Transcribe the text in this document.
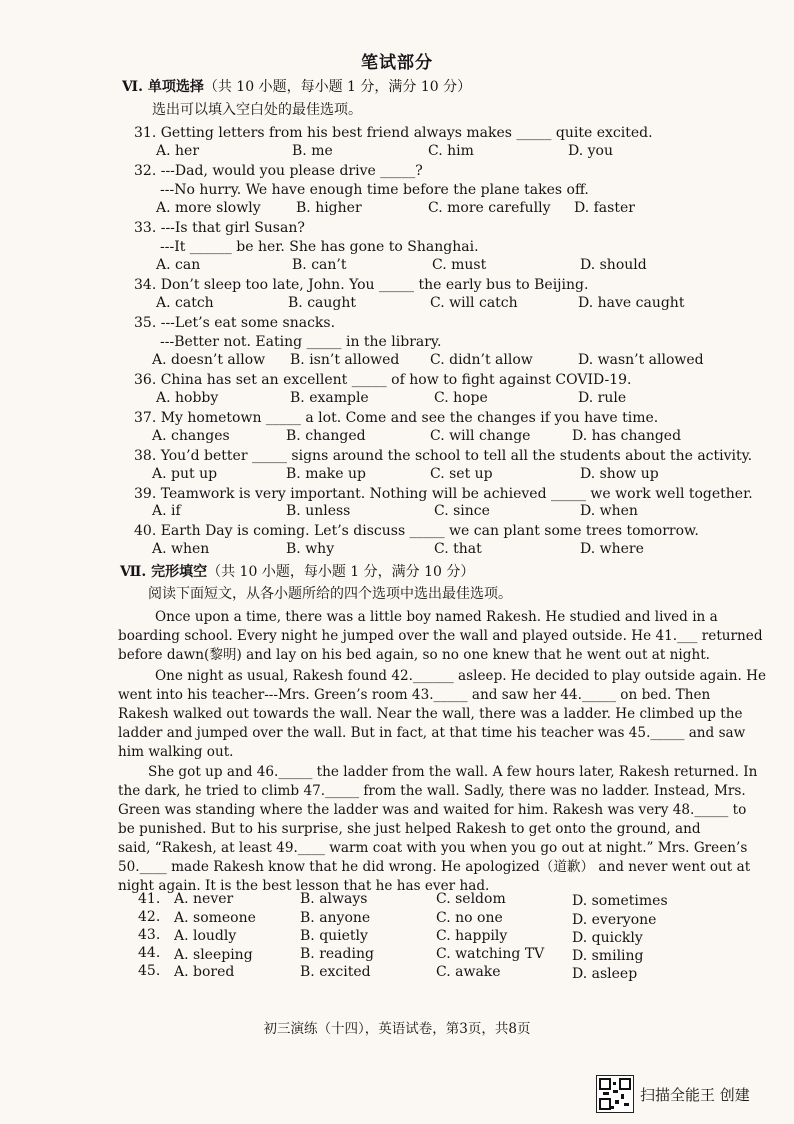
笔试部分
Ⅵ. 单项选择（共 10 小题，每小题 1 分，满分 10 分）
选出可以填入空白处的最佳选项。
31. Getting letters from his best friend always makes _____ quite excited.
A. her	B. me	C. him	D. you
32. ---Dad, would you please drive _____?
---No hurry. We have enough time before the plane takes off.
A. more slowly	B. higher	C. more carefully D. faster
33. ---Is that girl Susan?
---It ______ be her. She has gone to Shanghai.
A. can	B. can’t	C. must	D. should
34. Don’t sleep too late, John. You _____ the early bus to Beijing.
A. catch	B. caught	C. will catch	D. have caught
35. ---Let’s eat some snacks.
---Better not. Eating _____ in the library.
A. doesn’t allow B. isn’t allowed C. didn’t allow	D. wasn’t allowed
36. China has set an excellent _____ of how to fight against COVID-19.
A. hobby	B. example	C. hope	D. rule
37. My hometown _____ a lot. Come and see the changes if you have time.
A. changes	B. changed	C. will change	D. has changed
38. You’d better _____ signs around the school to tell all the students about the activity.
A. put up	B. make up	C. set up	D. show up
39. Teamwork is very important. Nothing will be achieved _____ we work well together.
A. if	B. unless	C. since	D. when
40. Earth Day is coming. Let’s discuss _____ we can plant some trees tomorrow.
A. when	B. why	C. that	D. where
Ⅶ. 完形填空（共 10 小题，每小题 1 分，满分 10 分）
阅读下面短文，从各小题所给的四个选项中选出最佳选项。
Once upon a time, there was a little boy named Rakesh. He studied and lived in a
boarding school. Every night he jumped over the wall and played outside. He 41.___ returned
before dawn(黎明) and lay on his bed again, so no one knew that he went out at night.
One night as usual, Rakesh found 42.______ asleep. He decided to play outside again. He
went into his teacher---Mrs. Green’s room 43._____ and saw her 44._____ on bed. Then
Rakesh walked out towards the wall. Near the wall, there was a ladder. He climbed up the
ladder and jumped over the wall. But in fact, at that time his teacher was 45._____ and saw
him walking out.
She got up and 46._____ the ladder from the wall. A few hours later, Rakesh returned. In
the dark, he tried to climb 47._____ from the wall. Sadly, there was no ladder. Instead, Mrs.
Green was standing where the ladder was and waited for him. Rakesh was very 48._____ to
be punished. But to his surprise, she just helped Rakesh to get onto the ground, and
said, “Rakesh, at least 49.____ warm coat with you when you go out at night.” Mrs. Green’s
50.____ made Rakesh know that he did wrong. He apologized（道歉） and never went out at
night again. It is the best lesson that he has ever had.
41. A. never	B. always	C. seldom	D. sometimes
42. A. someone	B. anyone	C. no one	D. everyone
43. A. loudly	B. quietly	C. happily	D. quickly
44. A. sleeping	B. reading	C. watching TV D. smiling
45. A. bored	B. excited	C. awake	D. asleep
初三演练（十四），英语试卷，第3页，共8页
扫描全能王 创建
